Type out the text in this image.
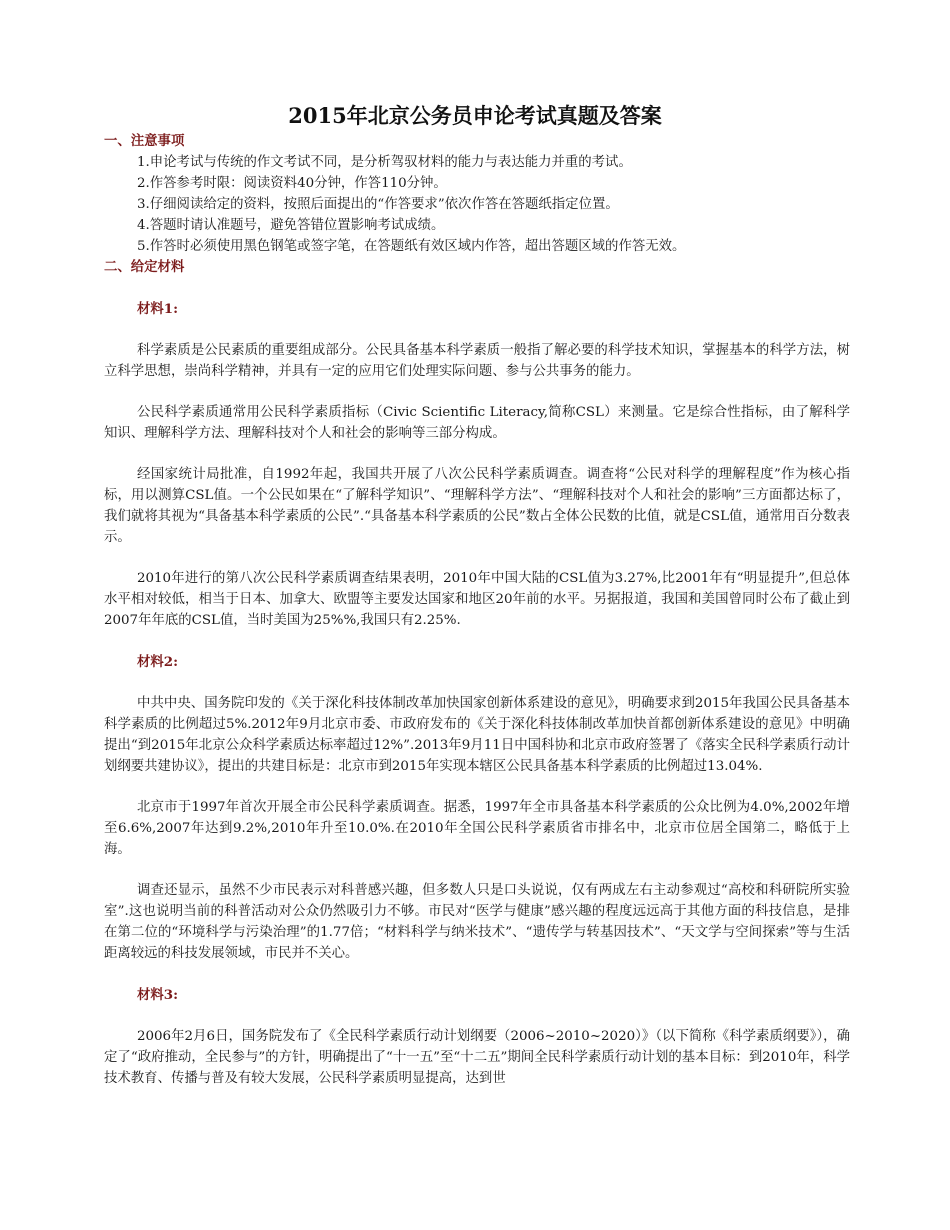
2015年北京公务员申论考试真题及答案

一、注意事项

1.申论考试与传统的作文考试不同，是分析驾驭材料的能力与表达能力并重的考试。

2.作答参考时限：阅读资料40分钟，作答110分钟。

3.仔细阅读给定的资料，按照后面提出的“作答要求”依次作答在答题纸指定位置。

4.答题时请认准题号，避免答错位置影响考试成绩。

5.作答时必须使用黑色钢笔或签字笔，在答题纸有效区域内作答，超出答题区域的作答无效。

二、给定材料

材料1:

科学素质是公民素质的重要组成部分。公民具备基本科学素质一般指了解必要的科学技术知识，掌握基本的科学方法，树立科学思想，崇尚科学精神，并具有一定的应用它们处理实际问题、参与公共事务的能力。

公民科学素质通常用公民科学素质指标（Civic Scientific Literacy,简称CSL）来测量。它是综合性指标，由了解科学知识、理解科学方法、理解科技对个人和社会的影响等三部分构成。

经国家统计局批准，自1992年起，我国共开展了八次公民科学素质调查。调查将“公民对科学的理解程度”作为核心指标，用以测算CSL值。一个公民如果在“了解科学知识”、“理解科学方法”、“理解科技对个人和社会的影响”三方面都达标了，我们就将其视为“具备基本科学素质的公民”.“具备基本科学素质的公民”数占全体公民数的比值，就是CSL值，通常用百分数表示。

2010年进行的第八次公民科学素质调查结果表明，2010年中国大陆的CSL值为3.27%,比2001年有“明显提升”,但总体水平相对较低，相当于日本、加拿大、欧盟等主要发达国家和地区20年前的水平。另据报道，我国和美国曾同时公布了截止到2007年年底的CSL值，当时美国为25%%,我国只有2.25%.

材料2:

中共中央、国务院印发的《关于深化科技体制改革加快国家创新体系建设的意见》，明确要求到2015年我国公民具备基本科学素质的比例超过5%.2012年9月北京市委、市政府发布的《关于深化科技体制改革加快首都创新体系建设的意见》中明确提出“到2015年北京公众科学素质达标率超过12%”.2013年9月11日中国科协和北京市政府签署了《落实全民科学素质行动计划纲要共建协议》，提出的共建目标是：北京市到2015年实现本辖区公民具备基本科学素质的比例超过13.04%.

北京市于1997年首次开展全市公民科学素质调查。据悉，1997年全市具备基本科学素质的公众比例为4.0%,2002年增至6.6%,2007年达到9.2%,2010年升至10.0%.在2010年全国公民科学素质省市排名中，北京市位居全国第二，略低于上海。

调查还显示，虽然不少市民表示对科普感兴趣，但多数人只是口头说说，仅有两成左右主动参观过“高校和科研院所实验室”.这也说明当前的科普活动对公众仍然吸引力不够。市民对“医学与健康”感兴趣的程度远远高于其他方面的科技信息，是排在第二位的“环境科学与污染治理”的1.77倍；“材料科学与纳米技术”、“遗传学与转基因技术”、“天文学与空间探索”等与生活距离较远的科技发展领域，市民并不关心。

材料3:

2006年2月6日，国务院发布了《全民科学素质行动计划纲要（2006~2010~2020）》（以下简称《科学素质纲要》），确定了“政府推动，全民参与”的方针，明确提出了“十一五”至“十二五”期间全民科学素质行动计划的基本目标：到2010年，科学技术教育、传播与普及有较大发展，公民科学素质明显提高，达到世
